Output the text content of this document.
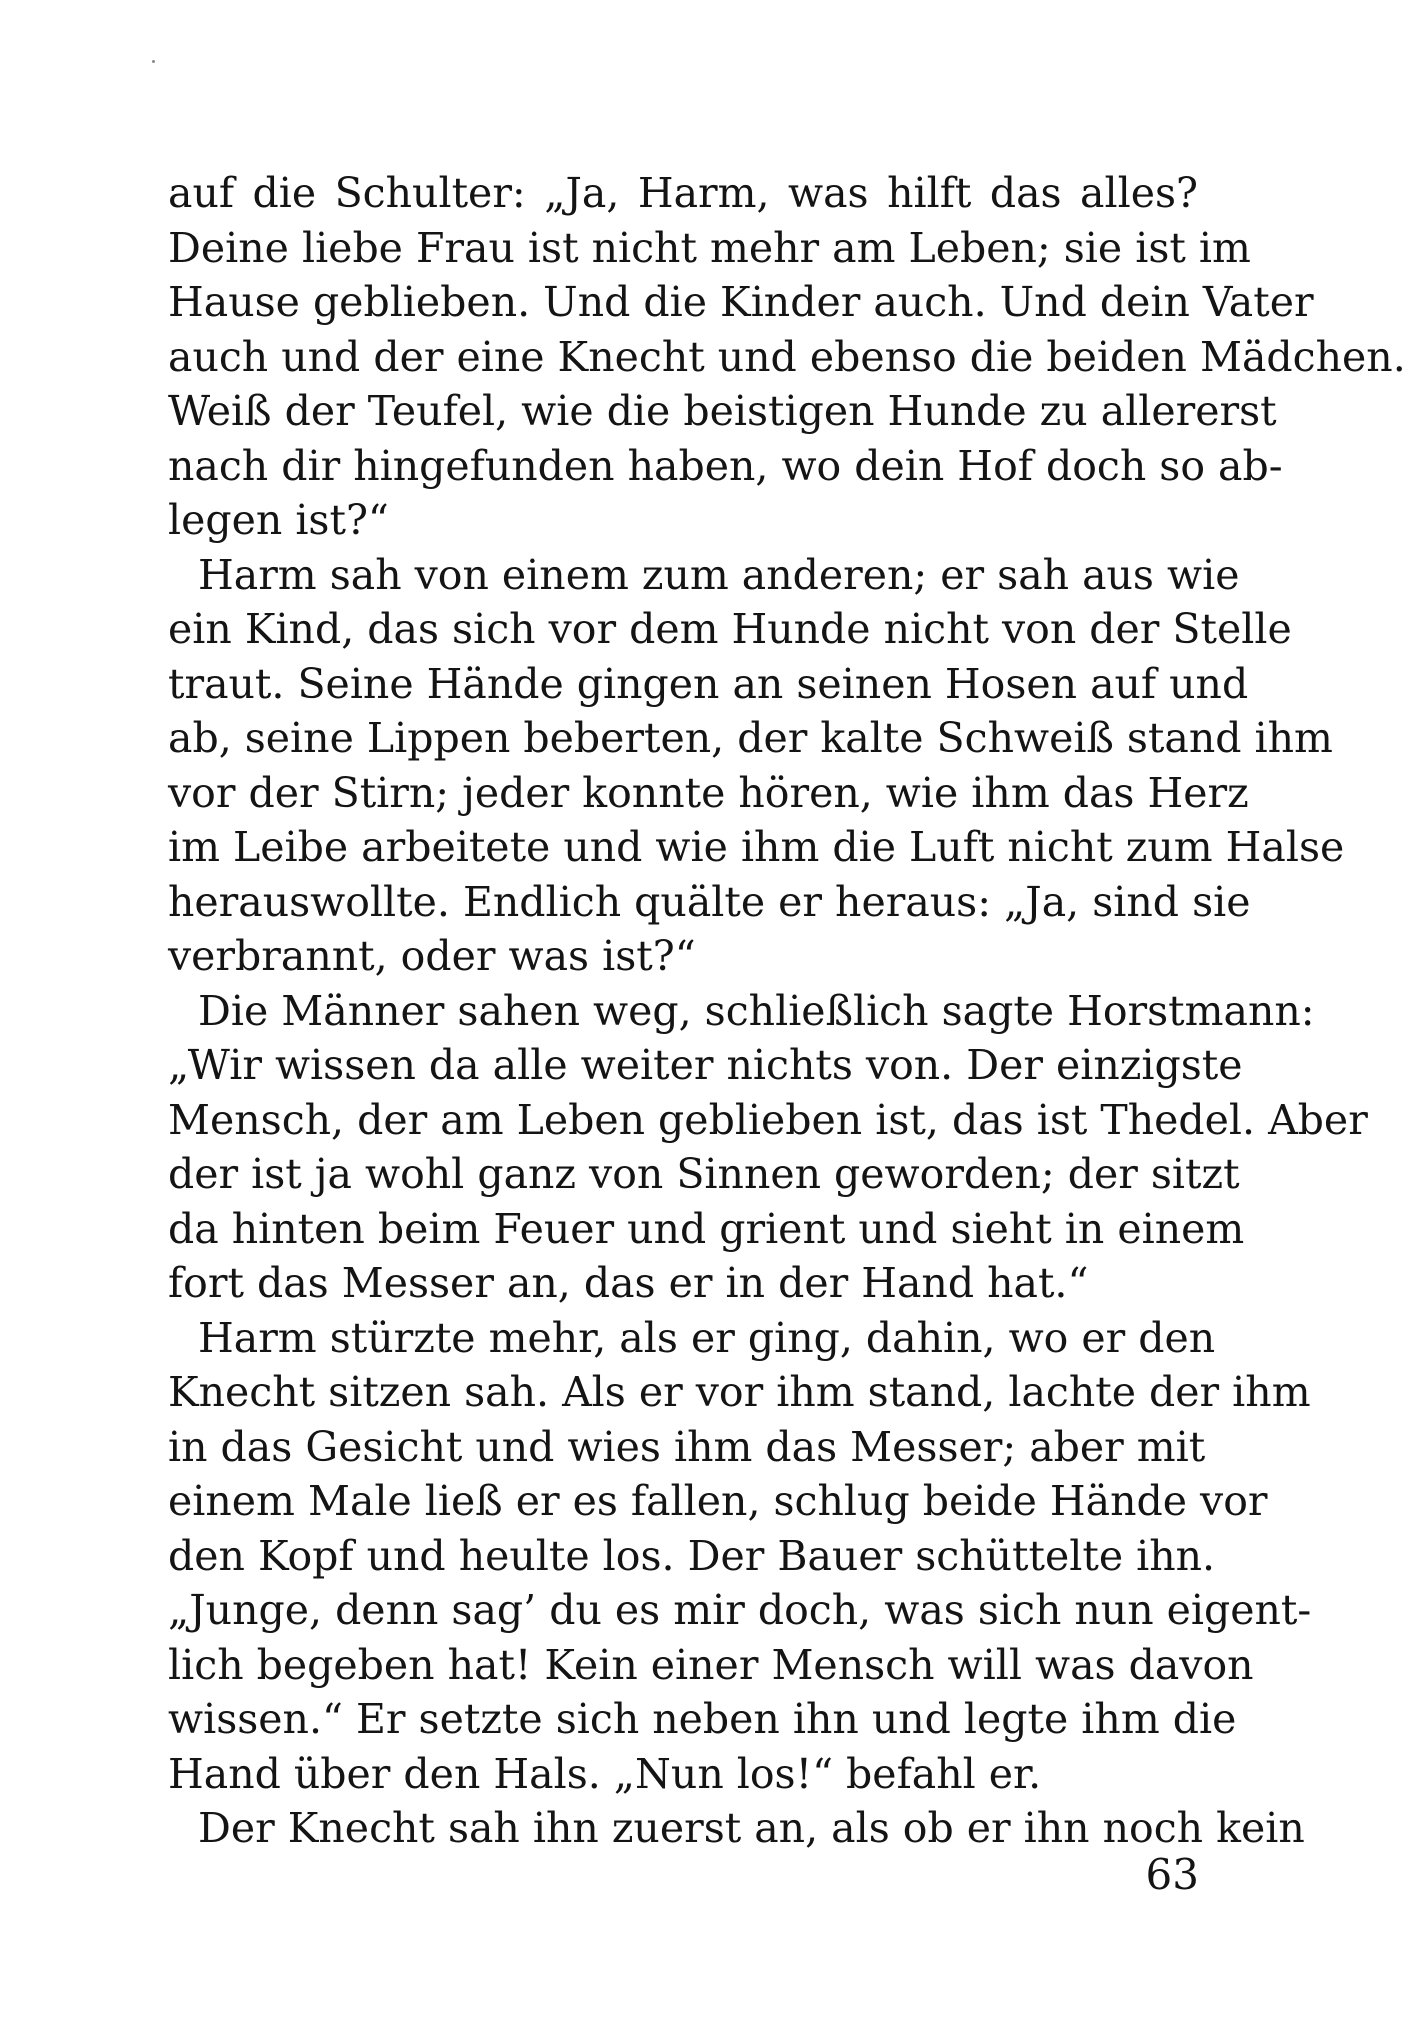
auf die Schulter: „Ja, Harm, was hilft das alles?
Deine liebe Frau ist nicht mehr am Leben; sie ist im
Hause geblieben. Und die Kinder auch. Und dein Vater
auch und der eine Knecht und ebenso die beiden Mädchen.
Weiß der Teufel, wie die beistigen Hunde zu allererst
nach dir hingefunden haben, wo dein Hof doch so ab-
legen ist?“
Harm sah von einem zum anderen; er sah aus wie
ein Kind, das sich vor dem Hunde nicht von der Stelle
traut. Seine Hände gingen an seinen Hosen auf und
ab, seine Lippen beberten, der kalte Schweiß stand ihm
vor der Stirn; jeder konnte hören, wie ihm das Herz
im Leibe arbeitete und wie ihm die Luft nicht zum Halse
herauswollte. Endlich quälte er heraus: „Ja, sind sie
verbrannt, oder was ist?“
Die Männer sahen weg, schließlich sagte Horstmann:
„Wir wissen da alle weiter nichts von. Der einzigste
Mensch, der am Leben geblieben ist, das ist Thedel. Aber
der ist ja wohl ganz von Sinnen geworden; der sitzt
da hinten beim Feuer und grient und sieht in einem
fort das Messer an, das er in der Hand hat.“
Harm stürzte mehr, als er ging, dahin, wo er den
Knecht sitzen sah. Als er vor ihm stand, lachte der ihm
in das Gesicht und wies ihm das Messer; aber mit
einem Male ließ er es fallen, schlug beide Hände vor
den Kopf und heulte los. Der Bauer schüttelte ihn.
„Junge, denn sag’ du es mir doch, was sich nun eigent-
lich begeben hat! Kein einer Mensch will was davon
wissen.“ Er setzte sich neben ihn und legte ihm die
Hand über den Hals. „Nun los!“ befahl er.
Der Knecht sah ihn zuerst an, als ob er ihn noch kein
63
